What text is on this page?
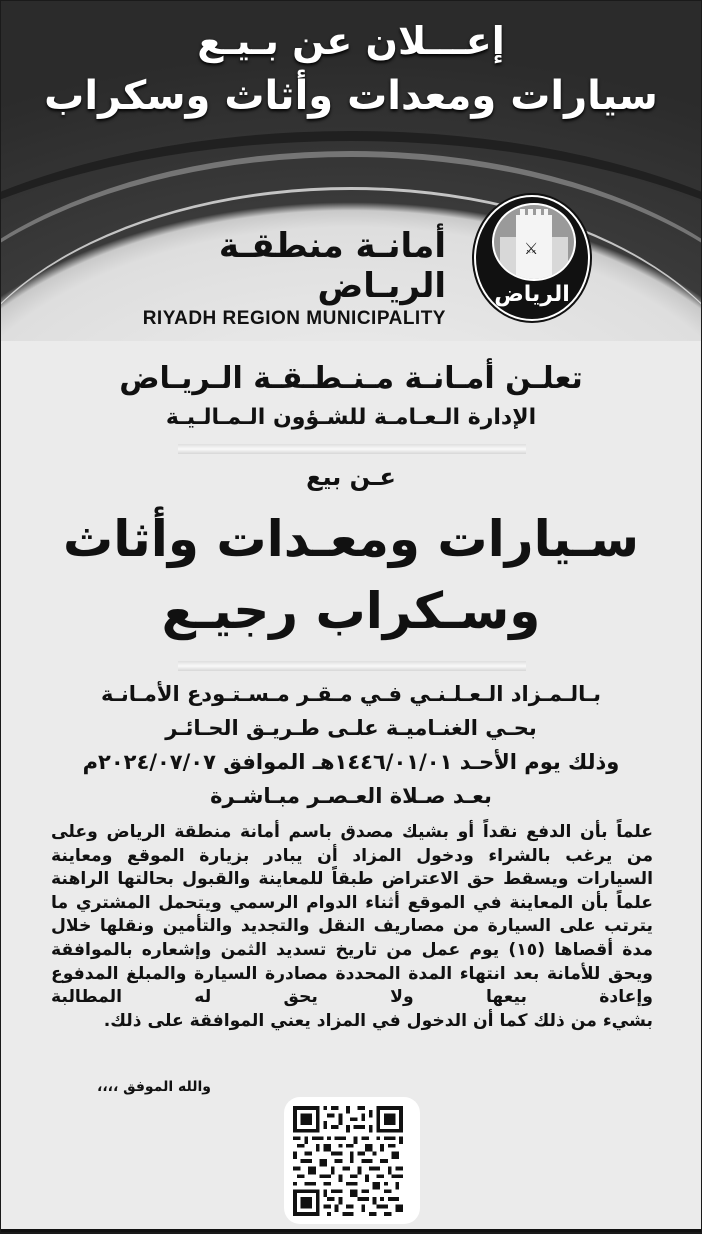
إعـــلان عن بـيـع
سيارات ومعدات وأثاث وسكراب
أمانـة منطقـة الريـاض
RIYADH REGION MUNICIPALITY
⚔
الرياض
تعلـن أمـانـة مـنـطـقـة الـريـاض
الإدارة الـعـامـة للشـؤون الـمـالـيـة
عـن بيع
سـيارات ومعـدات وأثاث
وسـكراب رجيـع
بـالـمـزاد الـعـلـنـي فـي مـقـر مـسـتـودع الأمـانـة
بحـي الغنـاميـة علـى طـريـق الحـائـر
وذلك يوم الأحـد ١٤٤٦/٠١/٠١هـ الموافق ٢٠٢٤/٠٧/٠٧م
بعـد صـلاة العـصـر مبـاشـرة
علماً بأن الدفع نقداً أو بشيك مصدق باسم أمانة منطقة الرياض وعلى من يرغب بالشراء ودخول المزاد أن يبادر بزيارة الموقع ومعاينة السيارات ويسقط حق الاعتراض طبقاً للمعاينة والقبول بحالتها الراهنة علماً بأن المعاينة في الموقع أثناء الدوام الرسمي ويتحمل المشتري ما يترتب على السيارة من مصاريف النقل والتجديد والتأمين ونقلها خلال مدة أقصاها (١٥) يوم عمل من تاريخ تسديد الثمن وإشعاره بالموافقة ويحق للأمانة بعد انتهاء المدة المحددة مصادرة السيارة والمبلغ المدفوع وإعادة بيعها ولا يحق له المطالبة
بشيء من ذلك كما أن الدخول في المزاد يعني الموافقة على ذلك.
والله الموفق ،،،،
